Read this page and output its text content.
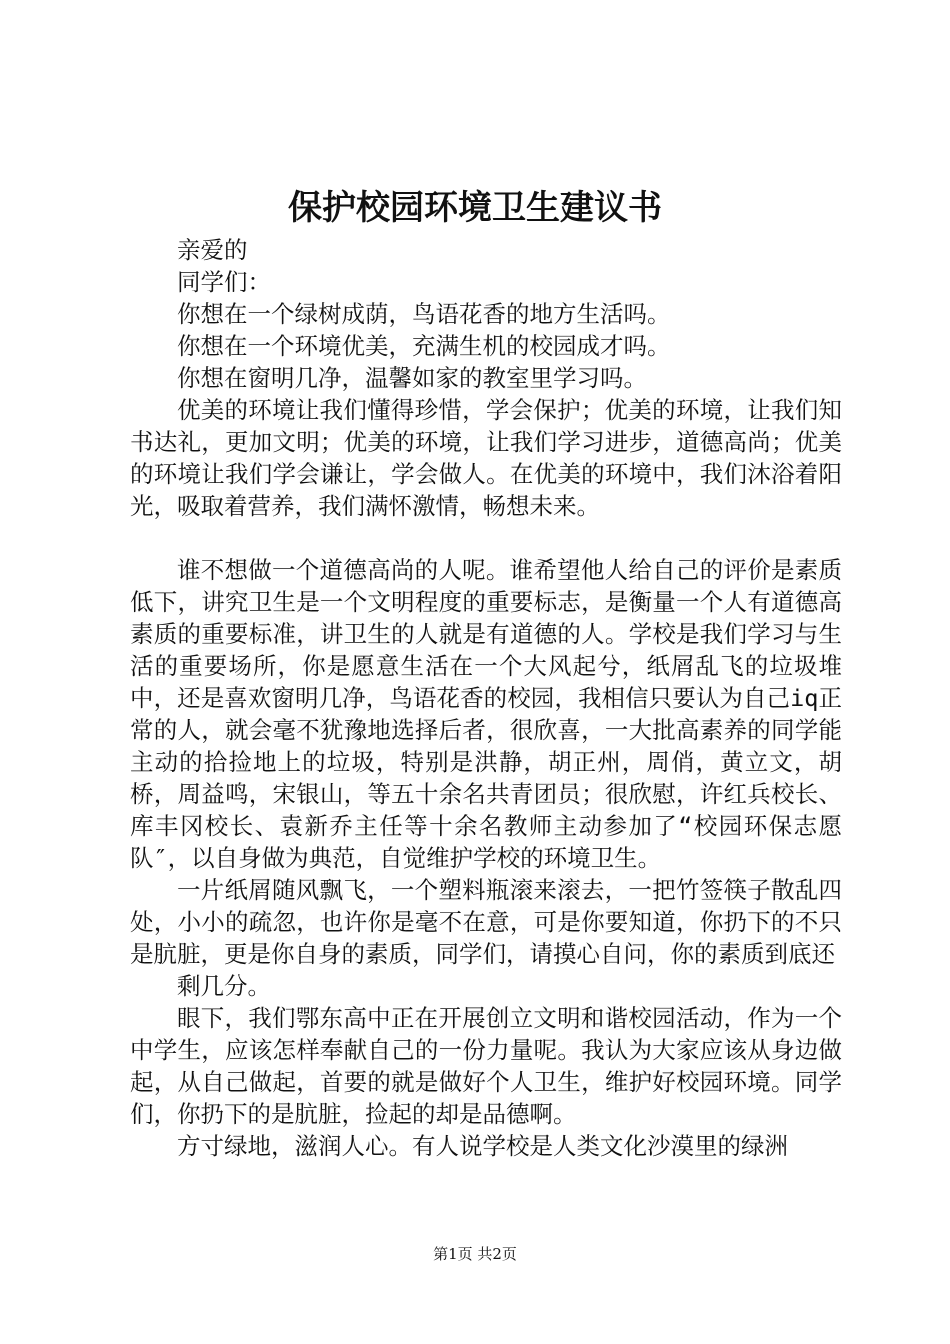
保护校园环境卫生建议书

亲爱的

同学们：

你想在一个绿树成荫，鸟语花香的地方生活吗。

你想在一个环境优美，充满生机的校园成才吗。

你想在窗明几净，温馨如家的教室里学习吗。

优美的环境让我们懂得珍惜，学会保护；优美的环境，让我们知书达礼，更加文明；优美的环境，让我们学习进步，道德高尚；优美的环境让我们学会谦让，学会做人。在优美的环境中，我们沐浴着阳光，吸取着营养，我们满怀激情，畅想未来。

谁不想做一个道德高尚的人呢。谁希望他人给自己的评价是素质低下，讲究卫生是一个文明程度的重要标志，是衡量一个人有道德高素质的重要标准，讲卫生的人就是有道德的人。学校是我们学习与生活的重要场所，你是愿意生活在一个大风起兮，纸屑乱飞的垃圾堆中，还是喜欢窗明几净，鸟语花香的校园，我相信只要认为自己iq正常的人，就会毫不犹豫地选择后者，很欣喜，一大批高素养的同学能主动的拾捡地上的垃圾，特别是洪静，胡正州，周俏，黄立文，胡桥，周益鸣，宋银山，等五十余名共青团员；很欣慰，许红兵校长、库丰冈校长、袁新乔主任等十余名教师主动参加了“校园环保志愿队″，以自身做为典范，自觉维护学校的环境卫生。

一片纸屑随风飘飞，一个塑料瓶滚来滚去，一把竹签筷子散乱四处，小小的疏忽，也许你是毫不在意，可是你要知道，你扔下的不只是肮脏，更是你自身的素质，同学们，请摸心自问，你的素质到底还

剩几分。

眼下，我们鄂东高中正在开展创立文明和谐校园活动，作为一个中学生，应该怎样奉献自己的一份力量呢。我认为大家应该从身边做起，从自己做起，首要的就是做好个人卫生，维护好校园环境。同学们，你扔下的是肮脏，捡起的却是品德啊。

方寸绿地，滋润人心。有人说学校是人类文化沙漠里的绿洲

第1页 共2页
